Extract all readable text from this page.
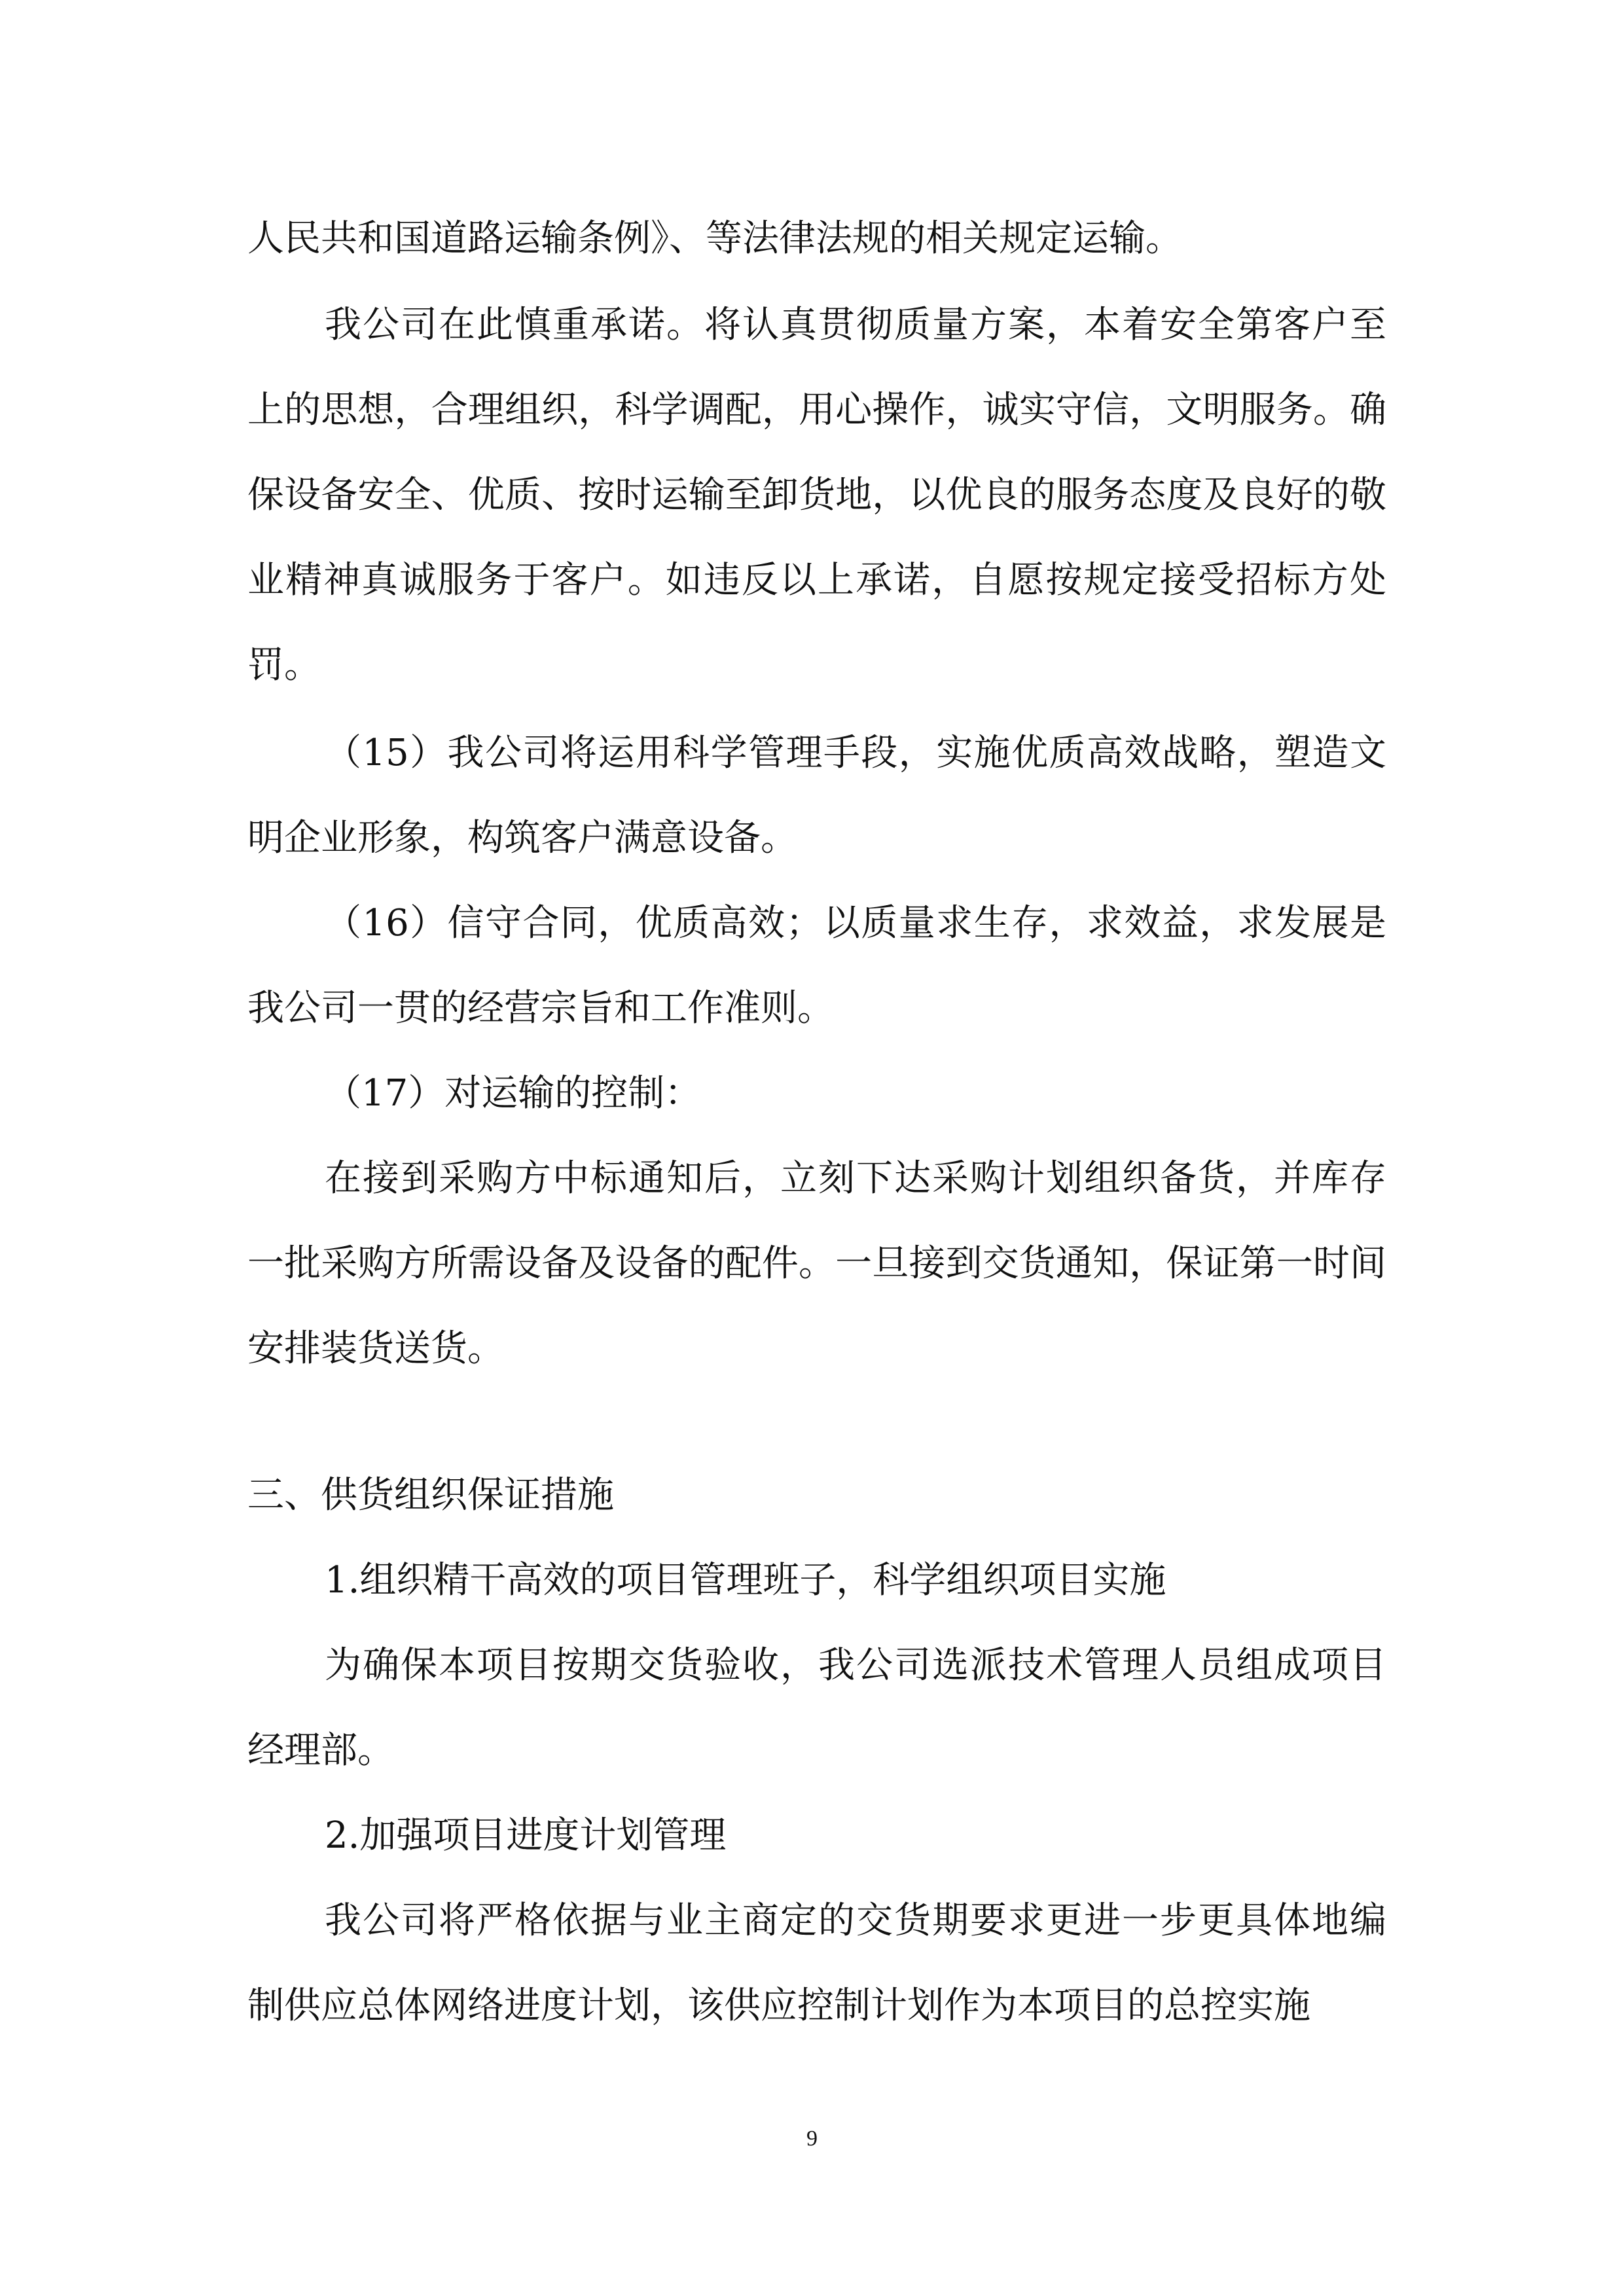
人民共和国道路运输条例》、等法律法规的相关规定运输。

我公司在此慎重承诺。将认真贯彻质量方案，本着安全第客户至上的思想，合理组织，科学调配，用心操作，诚实守信，文明服务。确保设备安全、优质、按时运输至卸货地，以优良的服务态度及良好的敬业精神真诚服务于客户。如违反以上承诺，自愿按规定接受招标方处罚。

（15）我公司将运用科学管理手段，实施优质高效战略，塑造文明企业形象，构筑客户满意设备。

（16）信守合同，优质高效；以质量求生存，求效益，求发展是我公司一贯的经营宗旨和工作准则。

（17）对运输的控制：

在接到采购方中标通知后，立刻下达采购计划组织备货，并库存一批采购方所需设备及设备的配件。一旦接到交货通知，保证第一时间安排装货送货。

三、供货组织保证措施

1.组织精干高效的项目管理班子，科学组织项目实施

为确保本项目按期交货验收，我公司选派技术管理人员组成项目经理部。

2.加强项目进度计划管理

我公司将严格依据与业主商定的交货期要求更进一步更具体地编制供应总体网络进度计划，该供应控制计划作为本项目的总控实施

9
